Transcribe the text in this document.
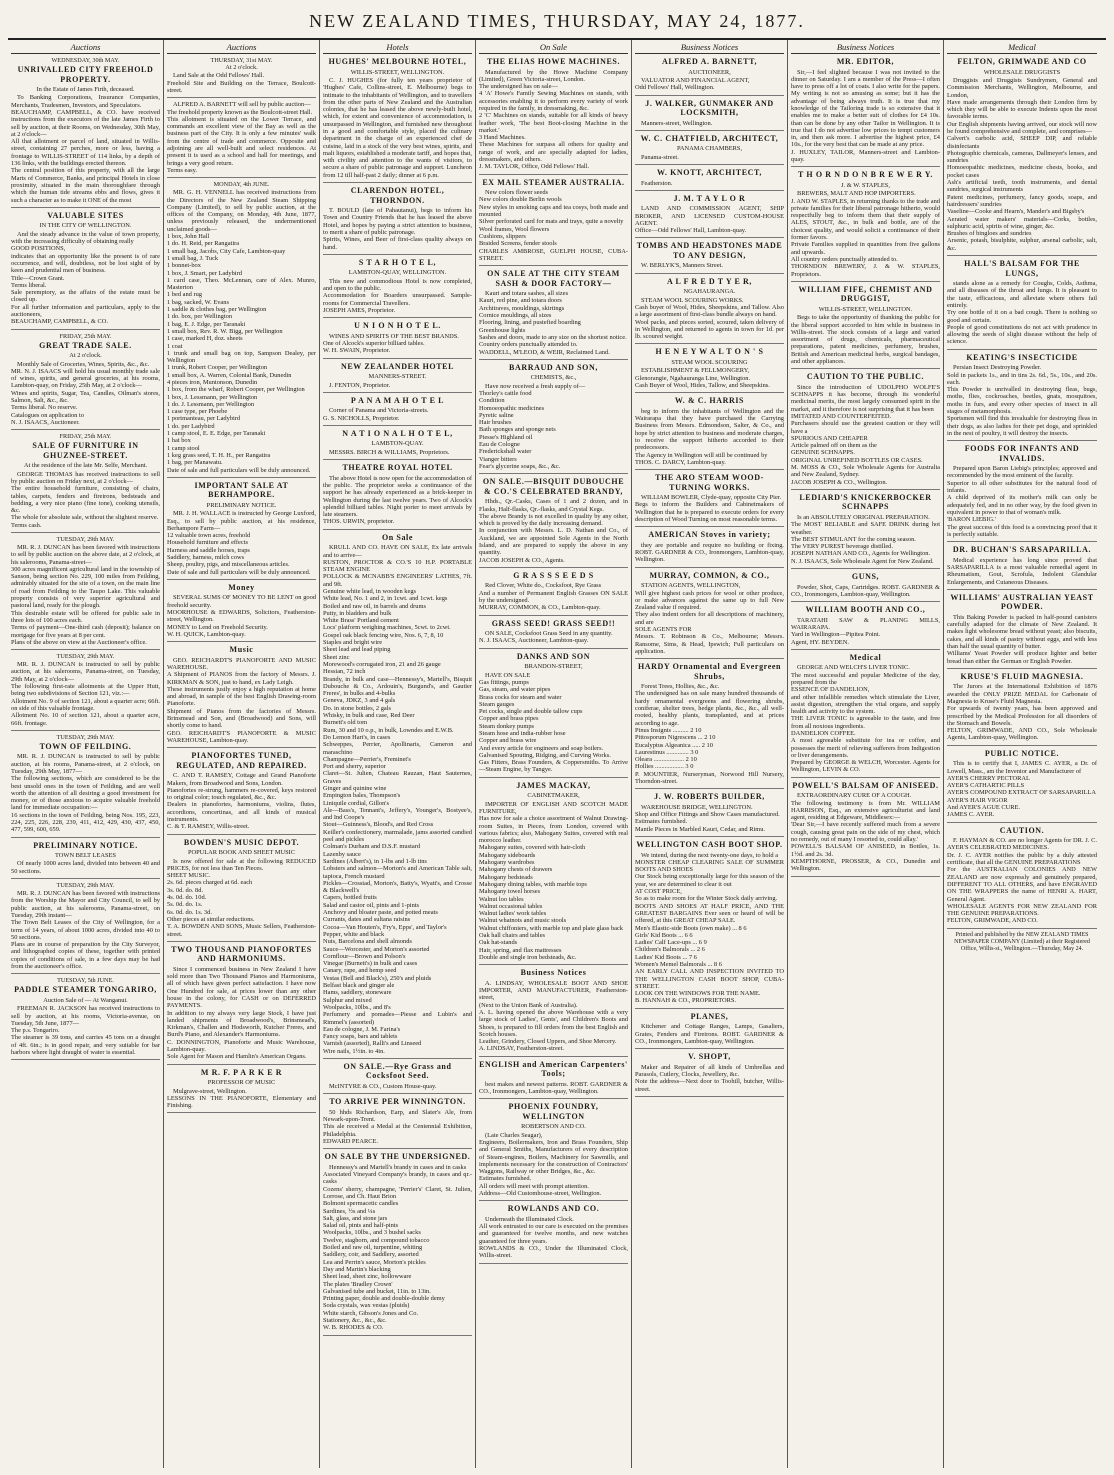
NEW ZEALAND TIMES, THURSDAY, MAY 24, 1877.
Auctions
WEDNESDAY, 30th MAY.
UNRIVALLED CITY FREEHOLD PROPERTY.
In the Estate of James Firth, deceased.
To Banking Corporations, Insurance Companies, Merchants, Tradesmen, Investors, and Speculators.
BEAUCHAMP, CAMPBELL, & CO. have received instructions from the executors of the late James Firth to sell by auction, at their Rooms, on Wednesday, 30th May, at 2 o'clock—
All that allotment or parcel of land, situated in Willis-street, containing 27 perches, more or less, having a frontage to WILLIS-STREET of 114 links, by a depth of 136 links, with the buildings erected thereon.
The central position of this property, with all the large Marts of Commerce, Banks, and principal Hotels in close proximity, situated in the main thoroughfare through which the human tide streams ebbs and flows, gives it such a character as to make it ONE of the most
VALUABLE SITES
IN THE CITY OF WELLINGTON.
And the steady advance in the value of town property, with the increasing difficulty of obtaining really
GOOD POSITIONS,
indicates that an opportunity like the present is of rare occurrence, and will, doubtless, not be lost sight of by keen and prudential men of business.
Title—Crown Grant.
Terms liberal.
Sale peremptory, as the affairs of the estate must be closed up.
For all further information and particulars, apply to the auctioneers,
BEAUCHAMP, CAMPBELL, & CO.
FRIDAY, 25th MAY.
GREAT TRADE SALE.
At 2 o'clock.
Monthly Sale of Groceries, Wines, Spirits, &c., &c.
MR. N. J. ISAACS will hold his usual monthly trade sale of wines, spirits, and general groceries, at his rooms, Lambton-quay, on Friday, 25th May, at 2 o'clock—
Wines and spirits, Sugar, Tea, Candles, Oilman's stores, Salmon, Salt, &c., &c.
Terms liberal. No reserve.
Catalogues on application to
N. J. ISAACS, Auctioneer.
FRIDAY, 25th MAY.
SALE OF FURNITURE IN GHUZNEE-STREET.
At the residence of the late Mr. Selfe, Merchant.
GEORGE THOMAS has received instructions to sell by public auction on Friday next, at 2 o'clock—
The entire household furniture, consisting of chairs, tables, carpets, fenders and fireirons, bedsteads and bedding, a very nice piano (fine tone), cooking utensils, &c.
The whole for absolute sale, without the slightest reserve.
Terms cash.
TUESDAY, 29th MAY.
MR. R. J. DUNCAN has been favored with instructions to sell by public auction on the above date, at 2 o'clock, at his salerooms, Panama-street—
300 acres magnificent agricultural land in the township of Sanson, being section No. 229, 100 miles from Feilding, admirably situated for the site of a town, on the main line of road from Feilding to the Taupo Lake. This valuable property consists of very superior agricultural and pastoral land, ready for the plough.
This desirable estate will be offered for public sale in three lots of 100 acres each.
Terms of payment—One-third cash (deposit); balance on mortgage for five years at 8 per cent.
Plans of the above on view at the Auctioneer's office.
TUESDAY, 29th MAY.
MR. R. J. DUNCAN is instructed to sell by public auction, at his salerooms, Panama-street, on Tuesday, 29th May, at 2 o'clock—
The following first-rate allotments at the Upper Hutt, being two subdivisions of Section 121, viz.:—
Allotment No. 9 of section 121, about a quarter acre; 66ft. on side of this valuable frontage.
Allotment No. 10 of section 121, about a quarter acre, 66ft. frontage.
TUESDAY, 29th MAY.
TOWN OF FEILDING.
MR. R. J. DUNCAN is instructed to sell by public auction, at his rooms, Panama-street, at 2 o'clock, on Tuesday, 29th May, 1877—
The following sections, which are considered to be the best unsold ones in the town of Feilding, and are well worth the attention of all desiring a good investment for money, or of those anxious to acquire valuable freehold land for immediate occupation:—
16 sections in the town of Feilding, being Nos. 195, 223, 224, 225, 226, 228, 239, 411, 412, 429, 430, 437, 450, 477, 599, 600, 659.
PRELIMINARY NOTICE.
TOWN BELT LEASES
Of nearly 1000 acres land, divided into between 40 and 50 sections.
TUESDAY, 29th MAY.
MR. R. J. DUNCAN has been favored with instructions from the Worship the Mayor and City Council, to sell by public auction, at his salerooms, Panama-street, on Tuesday, 29th instant—
The Town Belt Leases of the City of Wellington, for a term of 14 years, of about 1000 acres, divided into 40 to 50 sections.
Plans are in course of preparation by the City Surveyor, and lithographed copies of these, together with printed copies of conditions of sale, in a few days may be had from the auctioneer's office.
TUESDAY, 5th JUNE.
PADDLE STEAMER TONGARIRO,
Auction Sale of — At Wanganui.
FREEMAN R. JACKSON has received instructions to sell by auction, at his rooms, Victoria-avenue, on Tuesday, 5th June, 1877—
The p.s. Tongariro.
The steamer is 39 tons, and carries 45 tons on a draught of 4ft. 6in.; is in good repair, and very suitable for bar harbors where light draught of water is essential.
Auctions
THURSDAY, 31st MAY.
At 2 o'clock.
Land Sale at the Odd Fellows' Hall.
Freehold Site and Building on the Terrace, Boulcott-street.
ALFRED A. BARNETT will sell by public auction—
The freehold property known as the Boulcott-street Hall.
This allotment is situated on the Lower Terrace, and commands an excellent view of the Bay as well as the business part of the City. It is only a few minutes' walk from the centre of trade and commerce. Opposite and adjoining are all well-built and select residences. At present it is used as a school and hall for meetings, and brings a very good return.
Terms easy.
MONDAY, 4th JUNE.
MR. G. H. VENNELL has received instructions from the Directors of the New Zealand Steam Shipping Company (Limited), to sell by public auction, at the offices of the Company, on Monday, 4th June, 1877, unless previously released, the undermentioned unclaimed goods—
1 box, John Hall
1 do. H. Reid, per Rangatira
1 small bag, Jacobs, City Cafe, Lambton-quay
1 small bag, J. Tuck
1 bonnet-box
1 box, J. Smart, per Ladybird
1 card case, Theo. McLennan, care of Alex. Munro, Masterton
1 bed and rug
1 bag, sacked, W. Evans
1 saddle & clothes bag, per Wellington
1 do. box, per Wellington
1 bag, E. J. Edge, per Taranaki
1 small box, Rev. R. W. Bigg, per Wellington
1 case, marked H, doz. sheets
1 coat
1 trunk and small bag on top, Sampson Dealey, per Wellington
1 trunk, Robert Cooper, per Wellington
1 small box, A. Warren, Colonial Bank, Dunedin
4 pieces iron, Muntonson, Dunedin
1 box, from the wharf, Robert Cooper, per Wellington
1 box, J. Lessmann, per Wellington
1 do. J. Lessmann, per Wellington
1 case type, per Phoebe
1 portmanteau, per Ladybird
1 do. per Ladybird
1 camp stool, E. E. Edge, per Taranaki
1 hat box
1 camp stool
1 keg grass seed, T. H. H., per Rangatira
1 bag, per Manawatu.
Date of sale and full particulars will be duly announced.
IMPORTANT SALE AT BERHAMPORE.
PRELIMINARY NOTICE.
MR. J. H. WALLACE is instructed by George Luxford, Esq., to sell by public auction, at his residence, Berhampore Farm—
12 valuable town acres, freehold
Household furniture and effects
Harness and saddle horses, traps
Saddlery, harness, milch cows
Sheep, poultry, pigs, and miscellaneous articles.
Date of sale and full particulars will be duly announced.
Money
SEVERAL SUMS OF MONEY TO BE LENT on good freehold security.
MOORHOUSE & EDWARDS, Solicitors, Featherston-street, Wellington.
MONEY to Lend on Freehold Security.
W. H. QUICK, Lambton-quay.
Music
GEO. REICHARDT'S PIANOFORTE AND MUSIC WAREHOUSE.
A Shipment of PIANOS from the factory of Messrs. J. KIRKMAN & SON, just to hand, ex Lady Leigh.
These instruments justly enjoy a high reputation at home and abroad, in sample of the best English Drawing-room Pianoforte.
Shipment of Pianos from the factories of Messrs. Brinsmead and Son, and (Broadwood) and Sons, will shortly come to hand.
GEO. REICHARDT'S PIANOFORTE & MUSIC WAREHOUSE, Lambton-quay.
PIANOFORTES TUNED, REGULATED, AND REPAIRED.
C. AND T. RAMSEY, Cottage and Grand Pianoforte Makers, from Broadwood and Sons, London.
Pianofortes re-strung, hammers re-covered, keys restored to original color; touch regulated, &c., &c.
Dealers in pianofortes, harmoniums, violins, flutes, accordions, concertinas, and all kinds of musical instruments.
C. & T. RAMSEY, Willis-street.
BOWDEN'S MUSIC DEPOT.
POPULAR BOOK AND SHEET MUSIC
Is now offered for sale at the following REDUCED PRICES, for not less than Ten Pieces.
SHEET MUSIC.
2s. 6d. pieces charged at 6d. each
3s. 0d. do. 8d.
4s. 0d. do. 10d.
5s. 0d. do. 1s.
6s. 0d. do. 1s. 3d.
Other pieces at similar reductions.
T. A. BOWDEN AND SONS, Music Sellers, Featherston-street.
TWO THOUSAND PIANOFORTES AND HARMONIUMS.
Since I commenced business in New Zealand I have sold more than Two Thousand Pianos and Harmoniums, all of which have given perfect satisfaction. I have now One Hundred for sale, at prices lower than any other house in the colony, for CASH or on DEFERRED PAYMENTS.
In addition to my always very large Stock, I have just landed shipments of Broadwood's, Brinsmead's, Kirkman's, Challen and Hodsworth, Kutcher Freres, and Burd's Piano, and Alexander's Harmoniums.
C. DONNINGTON, Pianoforte and Music Warehouse, Lambton-quay.
Sole Agent for Mason and Hamlin's American Organs.
M R. F. P A R K E R
PROFESSOR OF MUSIC
Mulgrave-street, Wellington.
LESSONS IN THE PIANOFORTE, Elementary and Finishing.
Hotels
HUGHES' MELBOURNE HOTEL,
WILLIS-STREET, WELLINGTON.
C. J. HUGHES (for fully ten years proprietor of 'Hughes' Cafe, Collins-street, E. Melbourne) begs to intimate to the inhabitants of Wellington, and to travellers from the other parts of New Zealand and the Australian colonies, that he has leased the above newly-built hotel, which, for extent and convenience of accommodation, is unsurpassed in Wellington, and furnished new throughout in a good and comfortable style, placed the culinary department in the charge of an experienced chef de cuisine, laid in a stock of the very best wines, spirits, and malt liquors, established a moderate tariff, and hopes that, with civility and attention to the wants of visitors, to secure a share of public patronage and support. Luncheon from 12 till half-past 2 daily; dinner at 6 p.m.
CLARENDON HOTEL, THORNDON.
T. BOULD (late of Pahautanui), begs to inform his Town and Country Friends that he has leased the above Hotel, and hopes by paying a strict attention to business, to merit a share of public patronage.
Spirits, Wines, and Beer of first-class quality always on hand.
S T A R H O T E L,
LAMBTON-QUAY, WELLINGTON.
This new and commodious Hotel is now completed, and open to the public.
Accommodation for Boarders unsurpassed. Sample-rooms for Commercial Travellers.
JOSEPH AMES, Proprietor.
U N I O N H O T E L.
WINES AND SPIRITS OF THE BEST BRANDS.
One of Alcock's superior billiard tables.
W. H. SWAIN, Proprietor.
NEW ZEALANDER HOTEL
MANNERS-STREET.
J. FENTON, Proprietor.
P A N A M A H O T E L
Corner of Panama and Victoria-streets.
G. S. NICHOLLS, Proprietor.
N A T I O N A L H O T E L,
LAMBTON-QUAY.
MESSRS. BIRCH & WILLIAMS, Proprietors.
THEATRE ROYAL HOTEL
The above Hotel is now open for the accommodation of the public. The proprietor seeks a continuance of the support he has already experienced as a brick-keeper in Wellington during the last twelve years. Two of Alcock's splendid billiard tables. Night porter to meet arrivals by late steamers.
THOS. URWIN, proprietor.
On Sale
KRULL AND CO. HAVE ON SALE, Ex late arrivals and to arrive—
RUSTON, PROCTOR & CO.'S 10 H.P. PORTABLE STEAM ENGINE
POLLOCK & MCNABB'S ENGINEERS' LATHES, 7ft. and 9ft.
Genuine white lead, in wooden kegs
White lead, No. 1 and 2, in 1cwt. and 1cwt. kegs
Boiled and raw oil, in barrels and drums
Putty, in bladders and bulk
White Brass' Portland cement
Locs' platform weighing machines, 5cwt. to 2cwt.
Gospel oak black fencing wire, Nos. 6, 7, 8, 10
Staples and bright wire
Sheet lead and lead piping
Sheet zinc
Morewood's corrugated iron, 21 and 26 gauge
Hessian, 72 inch
Brandy, in bulk and case—Hennessy's, Martell's, Bisquit Dubouche & Co., Ardouin's, Burgund's, and Gautier Freres', in bulks and 4-bulks
Geneva, JDKZ, 3 and 4 gals
Do. in stone bottles, 2 gals
Whisky, in bulk and case, Red Deer
Burnett's old tom
Rum, 30 and 10 o.p., in bulk, Lowndes and E.W.B.
Do Lemon Hart's, in cases
Schweppes, Perrier, Apollinaris, Cameron and maraschino
Champagne—Perrier's, Freminet's
Port and sherry, superior
Claret—St. Julien, Chateau Rauzan, Haut Sauternes, Graves
Ginger and quinine wine
Empington bales, Thompson's
Liniquile cordial, Gillon's
Ale—Bass's, Tennant's, Jeffery's, Younger's, Bostyee's, and Ind Coope's
Stout—Guinness's, Blood's, and Red Cross
Keiller's confectionery, marmalade, jams assorted candied peel and pickles
Colman's Durham and D.S.F. mustard
Lazenby sauce
Sardines (Albert's), in 1-lbs and 1-lb tins
Lobsters and salmon—Morton's and American Table salt, tapioca, French mustard
Pickles—Crosstad, Morton's, Batty's, Wyatt's, and Crosse & Blackwell's
Capers, bottled fruits
Salad and castor oil, pints and 1-pints
Anchovy and bloater paste, and potted meats
Currants, dates and sultana raisins
Cocoa—Van Houten's, Fry's, Epps', and Taylor's
Pepper, white and black
Nuts, Barcelona and shell almonds
Sauce—Worcester, and Morton's assorted
Cornflour—Brown and Polson's
Vinegar (Burnett's) in bulk and cases
Canary, rape, and hemp seed
Vestas (Bell and Black's), 250's and pluids
Belfast black and ginger ale
Hams, saddlery, stoneware
Sulphur and mixed
Woolpacks, 10lbs., and 8's
Perfumery and pomades—Piesse and Lubin's and Rimmel's (assorted)
Eau de cologne, J. M. Farina's
Fancy soaps, bars and tablets
Varnish (assorted), Ralli's and Linseed
Wire nails, 1½in. to 4in.
ON SALE.—Rye Grass and Cocksfoot Seed.
McINTYRE & CO., Custom House-quay.
TO ARRIVE PER WINNINGTON.
50 hhds Richardson, Earp, and Slater's Ale, from Newark-upon-Trent.
This ale received a Medal at the Centennial Exhibition, Philadelphia.
EDWARD PEARCE.
ON SALE BY THE UNDERSIGNED.
Hennessy's and Martell's brandy in cases and in casks
Associated Vineyard Company's brandy, in cases and qr.-casks
Cozens' sherry, champagne, 'Perrier's' Claret, St. Julien, Lorrose, and Ch. Haut Brion
Bolmont spermacetic candles
Sardines, ½s and ¼s
Salt, glass, and stone jars
Salad oil, pints and half-pints
Woolpacks, 10lbs., and 3 bushel sacks
Twelve, staghorn, and compound tobacco
Boiled and raw oil, turpentine, whiting
Saddlery, coir, and Saddlery, assorted
Lea and Perrin's sauce, Morton's pickles
Day and Martin's blacking
Sheet lead, sheet zinc, hollowware
The plates 'Bradley Crown'
Galvanised tube and bucket, 11in. to 13in.
Printing paper, double and double-double demy
Soda crystals, wax vestas (pluids)
White starch, Gibson's Jones and Co.
Stationery, &c., &c., &c.
W. B. RHODES & CO.
On Sale
THE ELIAS HOWE MACHINES.
Manufactured by the Howe Machine Company (Limited), Green Victoria-street, London.
The undersigned has on sale—
4 'A' Howe's Family Sewing Machines on stands, with accessories enabling it to perform every variety of work required in the family, in dressmaking, &c.
2 'C' Machines on stands, suitable for all kinds of heavy leather work, 'The best Boot-closing Machine in the market.'
3 Hand Machines.
These Machines for surpass all others for quality and range of work, and are specially adapted for ladies, dressmakers, and others.
J. M. TAYLOR, Office, Odd Fellows' Hall.
EX MAIL STEAMER AUSTRALIA.
New colors flower seeds
New colors double Berlin wools
New styles in smoking caps and tea cosys, both made and mounted
Silver perforated card for mats and trays, quite a novelty
Wool frames, Wool flowers
Cushions, slippers
Braided Screens, fender stools
CHARLES AMBROSE, GUELPH HOUSE, CUBA-STREET.
ON SALE AT THE CITY STEAM SASH & DOOR FACTORY—
Kauri and totara sashes, all sizes
Kauri, red pine, and totara doors
Architraves, mouldings, skirtings
Cornice mouldings, all sizes
Flooring, lining, and pustefied boarding
Greenhouse lights
Sashes and doors, made to any size on the shortest notice.
Country orders punctually attended to.
WADDELL, M'LEOD, & WEIR, Reclaimed Land.
BARRAUD AND SON,
CHEMISTS, &c.,
Have now received a fresh supply of—
Thorley's cattle food
Condition
Homoeopathic medicines
Pyretic saline
Hair brushes
Bath sponges and sponge nets
Piesse's Highland oil
Eau de Cologne
Frederickshall water
Vianger bitters
Fear's glycerine soaps, &c., &c.
ON SALE.—BISQUIT DUBOUCHE & CO.'S CELEBRATED BRANDY,
Hhds., Qr.-Casks, Cases of 1 and 2 dozen, and in Flasks, Half-flasks, Qr.-flasks, and Crystal Kegs.
The above Brandy is not excelled in quality by any other, which is proved by the daily increasing demand.
In conjunction with Messrs. L. D. Nathan and Co., of Auckland, we are appointed Sole Agents in the North Island, and are prepared to supply the above in any quantity.
JACOB JOSEPH & CO., Agents.
G R A S S S E E D S
Red Clover, White do., Cocksfoot, Rye Grass
And a number of Permanent English Grasses ON SALE by the undersigned.
MURRAY, COMMON, & CO., Lambton-quay.
GRASS SEED! GRASS SEED!!
ON SALE, Cocksfoot Grass Seed in any quantity.
N. J. ISAACS, Auctioneer, Lambton-quay.
DANKS AND SON
BRANDON-STREET,
HAVE ON SALE
Gas fittings, pumps
Gas, steam, and water pipes
Brass cocks for steam and water
Steam gauges
Pet cocks, single and double tallow cups
Copper and brass pipes
Steam donkey pumps
Steam hose and india-rubber hose
Copper and brass wire
And every article for engineers and soap boilers.
Galvanised Spouting, Ridging, and Curving Works.
Gas Fitters, Brass Founders, & Coppersmiths. To Arrive—Steam Engine, by Tangye.
JAMES MACKAY,
CABINETMAKER,
IMPORTER OF ENGLISH AND SCOTCH MADE FURNITURE,
Has now for sale a choice assortment of Walnut Drawing-room Suites, in Pieces, from London, covered with various fabrics; also, Mahogany Suites, covered with real morocco leather.
Mahogany suites, covered with hair-cloth
Mahogany sideboards
Mahogany wardrobes
Mahogany chests of drawers
Mahogany bedsteads
Mahogany dining tables, with marble tops
Mahogany towel horses
Walnut loo tables
Walnut occasional tables
Walnut ladies' work tables
Walnut whatnots and music stools
Walnut chiffoniers, with marble top and plate glass back
Oak hall chairs and tables
Oak hat-stands
Hair, spring, and flax mattresses
Double and single iron bedsteads, &c.
Business Notices
A. LINDSAY, WHOLESALE BOOT AND SHOE IMPORTER, AND MANUFACTURER, Featherston-street,
(Next to the Union Bank of Australia).
A. L. having opened the above Warehouse with a very large stock of Ladies', Gents', and Children's Boots and Shoes, is prepared to fill orders from the best English and Scotch houses.
Leather, Grindery, Closed Uppers, and Shoe Mercery.
A. LINDSAY, Featherston-street.
ENGLISH and American Carpenters' Tools;
best makes and newest patterns. ROBT. GARDNER & CO., Ironmongers, Lambton-quay, Wellington.
PHOENIX FOUNDRY, WELLINGTON
ROBERTSON AND CO.
(Late Charles Seagar),
Engineers, Boilermakers, Iron and Brass Founders, Ship and General Smiths, Manufacturers of every description of Steam-engines, Boilers, Machinery for Sawmills, and implements necessary for the construction of Contractors' Waggons, Railway or other Bridges, &c., &c.
Estimates furnished.
All orders will meet with prompt attention.
Address—Old Customhouse-street, Wellington.
ROWLANDS AND CO.
Underneath the Illuminated Clock.
All work entrusted to our care is executed on the premises and guaranteed for twelve months, and new watches guaranteed for three years.
ROWLANDS & CO., Under the Illuminated Clock, Willis-street.
Business Notices
ALFRED A. BARNETT,
AUCTIONEER,
VALUATOR AND FINANCIAL AGENT,
Odd Fellows' Hall, Wellington.
J. WALKER, GUNMAKER AND LOCKSMITH,
Manners-street, Wellington.
W. C. CHATFIELD, ARCHITECT,
PANAMA CHAMBERS,
Panama-street.
W. KNOTT, ARCHITECT,
Featherston.
J. M. T A Y L O R
LAND AND COMMISSION AGENT, SHIP BROKER, AND LICENSED CUSTOM-HOUSE AGENT.
Office—Odd Fellows' Hall, Lambton-quay.
TOMBS AND HEADSTONES MADE TO ANY DESIGN,
W. BERLYK'S, Manners Street.
A L F R E D T Y E R,
NGAHAURANGA.
STEAM WOOL SCOURING WORKS.
Cash buyer of Wool, Hides, Sheepskins, and Tallow. Also a large assortment of first-class bundle always on hand.
Wool packs, and pieces sorted, scoured, taken delivery of in Wellington, and returned to agents in town for 1d. per lb. scoured weight.
H E N E Y W A L T O N ' S
STEAM WOOL SCOURING
ESTABLISHMENT & FELLMONGERY,
Glenorangie, Ngahauranga Line, Wellington.
Cash Buyer of Wool, Hides, Tallow, and Sheepskins.
W. & C. HARRIS
beg to inform the inhabitants of Wellington and the Wairarapa that they have purchased the Carrying Business from Messrs. Edmondson, Salter, & Co., and hope by strict attention to business and moderate charges, to receive the support hitherto accorded to their predecessors.
The Agency in Wellington will still be continued by
THOS. C. DARCY, Lambton-quay.
THE ARO STEAM WOOD-TURNING WORKS.
WILLIAM BOWLER, Clyde-quay, opposite City Pier.
Begs to inform the Builders and Cabinetmakers of Wellington that he is prepared to execute orders for every description of Wood Turning on most reasonable terms.
AMERICAN Stoves in variety;
they are portable and require no building or fixing. ROBT. GARDNER & CO., Ironmongers, Lambton-quay, Wellington.
MURRAY, COMMON, & CO.,
STATION AGENTS, WELLINGTON,
Will give highest cash prices for wool or other produce, or make advances against the same up to full New Zealand value if required.
They also indent orders for all descriptions of machinery, and are
SOLE AGENTS FOR
Messrs. T. Robinson & Co., Melbourne; Messrs. Ransome, Sims, & Head, Ipswich; Full particulars on application.
HARDY Ornamental and Evergreen Shrubs,
Forest Trees, Hollies, &c., &c.
The undersigned has on sale many hundred thousands of hardy ornamental evergreens and flowering shrubs, coniferae, shelter trees, hedge plants, &c., &c., all well-rooted, healthy plants, transplanted, and at prices according to age.
Pinus Insignis .......... 2 10
Pittosporum Nigrescens ... 2 10
Eucalyptus Algeanica ..... 2 10
Laurestinus .............. 3 0
Oleara ................... 2 10
Hollies .................. 3 0
P. MOUNTIER, Nurseryman, Norwood Hill Nursery, Thorndon-street.
J. W. ROBERTS BUILDER,
WAREHOUSE BRIDGE, WELLINGTON.
Shop and Office Fittings and Show Cases manufactured.
Estimates furnished.
Mantle Pieces in Marbled Kauri, Cedar, and Rimu.
WELLINGTON CASH BOOT SHOP.
We intend, during the next twenty-one days, to hold a
MONSTER CHEAP CLEARING SALE OF SUMMER BOOTS AND SHOES
Our Stock being exceptionally large for this season of the year, we are determined to clear it out
AT COST PRICE,
So as to make room for the Winter Stock daily arriving.
BOOTS AND SHOES AT HALF PRICE, AND THE GREATEST BARGAINS Ever seen or heard of will be offered, at this GREAT CHEAP SALE.
Men's Elastic-side Boots (own make) ... 8 6
Girls' Kid Boots ... 6 6
Ladies' Calf Lace-ups ... 6 9
Children's Balmorals ... 2 6
Ladies' Kid Boots ... 7 6
Women's Memel Balmorals ... 8 6
AN EARLY CALL AND INSPECTION INVITED TO THE WELLINGTON CASH BOOT SHOP, CUBA-STREET.
LOOK ON THE WINDOWS FOR THE NAME.
B. HANNAH & CO., PROPRIETORS.
PLANES,
Kitchener and Cottage Ranges, Lamps, Gasaliers, Grates, Fenders and Fireirons. ROBT. GARDNER & CO., Ironmongers, Lambton-quay, Wellington.
V. SHOPT,
Maker and Repairer of all kinds of Umbrellas and Parasols, Cutlery, Clocks, Jewellery, &c.
Note the address—Next door to Toohill, butcher, Willis-street.
Business Notices
MR. EDITOR,
Sir,—I feel slighted because I was not invited to the dinner on Saturday. I am a member of the Press—I often have to press off a lot of coats. I also write for the papers. My writing is not so amusing as some; but it has the advantage of being always truth. It is true that my knowledge of the Tailoring trade is so extensive that it enables me to make a better suit of clothes for £4 10s. than can be done by any other Tailor in Wellington. It is true that I do not advertise low prices to tempt customers in, and then ask more. I advertise the highest price, £4 10s., for the very best that can be made at any price.
J. HUXLEY, TAILOR, Manners-street and Lambton-quay.
T H O R N D O N B R E W E R Y.
J. & W. STAPLES,
BREWERS, MALT AND HOP IMPORTERS.
J. AND W. STAPLES, in returning thanks to the trade and private families for their liberal patronage hitherto, would respectfully beg to inform them that their supply of ALES, STOUT, &c., in bulk and bottle, are of the choicest quality, and would solicit a continuance of their former favors.
Private Families supplied in quantities from five gallons and upwards.
All country orders punctually attended to.
THORNDON BREWERY, J. & W. STAPLES, Proprietors.
WILLIAM FIFE, CHEMIST AND DRUGGIST,
WILLIS-STREET, WELLINGTON.
Begs to take the opportunity of thanking the public for the liberal support accorded to him while in business in Willis-street. The stock consists of a large and varied assortment of drugs, chemicals, pharmaceutical preparations, patent medicines, perfumery, brushes, British and American medicinal herbs, surgical bandages, and other appliances.
CAUTION TO THE PUBLIC.
Since the introduction of UDOLPHO WOLFE'S SCHNAPPS it has become, through its wonderful medicinal merits, the most largely consumed spirit in the market, and it therefore is not surprising that it has been
IMITATED AND COUNTERFEITED.
Purchasers should use the greatest caution or they will have a
SPURIOUS AND CHEAPER
Article palmed off on them as the
GENUINE SCHNAPPS.
ORIGINAL UNREFINED BOTTLES OR CASES.
M. MOSS & CO., Sole Wholesale Agents for Australia and New Zealand, Sydney.
JACOB JOSEPH & CO., Wellington.
LEDIARD'S KNICKERBOCKER SCHNAPPS
Is an ABSOLUTELY ORIGINAL PREPARATION.
The MOST RELIABLE and SAFE DRINK during hot weather.
The BEST STIMULANT for the coming season.
The VERY PUREST beverage distilled.
JOSEPH NATHAN AND CO., Agents for Wellington.
N. J. ISAACS, Sole Wholesale Agent for New Zealand.
GUNS,
Powder, Shot, Caps, Cartridges. ROBT. GARDNER & CO., Ironmongers, Lambton-quay, Wellington.
WILLIAM BOOTH AND CO.,
TARATAHI SAW & PLANING MILLS, WAIRARAPA.
Yard in Wellington—Pipitea Point.
Agent, HY. BEYDEN.
Medical
GEORGE AND WELCH'S LIVER TONIC.
The most successful and popular Medicine of the day, prepared from the
ESSENCE OF DANDELION,
and other infallible remedies which stimulate the Liver, assist digestion, strengthen the vital organs, and supply health and activity to the system.
THE LIVER TONIC is agreeable to the taste, and free from all noxious ingredients.
DANDELION COFFEE.
A most agreeable substitute for tea or coffee, and possesses the merit of relieving sufferers from Indigestion or liver derangements.
Prepared by GEORGE & WELCH, Worcester. Agents for Wellington, LEVIN & CO.
POWELL'S BALSAM OF ANISEED.
EXTRAORDINARY CURE OF A COUGH.
The following testimony is from Mr. WILLIAM HARRISON, Esq., an extensive agriculturist and land agent, residing at Edgeware, Middlesex:—
'Dear Sir,—I have recently suffered much from a severe cough, causing great pain on the side of my chest, which no remedy, out of many I resorted to, could allay.'
POWELL'S BALSAM OF ANISEED, in Bottles, 1s. 1½d. and 2s. 3d.
KEMPTHORNE, PROSSER, & CO., Dunedin and Wellington.
Medical
FELTON, GRIMWADE AND CO
WHOLESALE DRUGGISTS
Druggists and Druggists Sundrymen, General and Commission Merchants, Wellington, Melbourne, and London,
Have made arrangements through their London firm by which they will be able to execute Indents upon the most favorable terms.
Our English shipments having arrived, our stock will now be found comprehensive and complete, and comprises—
Calvert's carbolic acid, SHEEP DIP, and reliable disinfectants
Photographic chemicals, cameras, Dallmeyer's lenses, and sundries
Homoeopathic medicines, medicine chests, books, and pocket cases
Ash's artificial teeth, tooth instruments, and dental sundries, surgical instruments
Patent medicines, perfumery, fancy goods, soaps, and hairdressers' sundries
Vaseline—Cooke and Hearn's, Mander's and Bigsby's
Aerated water makers' materials—Corks, bottles, sulphuric acid, spirits of wine, ginger, &c.
Brushes of bingloes and sundries
Arsenic, potash, bisulphite, sulphur, arsenal carbolic, salt, &c.
HALL'S BALSAM FOR THE LUNGS,
stands alone as a remedy for Coughs, Colds, Asthma, and all diseases of the throat and lungs. It is pleasant to the taste, efficacious, and alleviate where others fail entirely.
Try one bottle of it on a bad cough. There is nothing so good and certain.
People of good constitutions do not act with prudence in allowing the seeds of slight disease without the help of science.
KEATING'S INSECTICIDE
Persian Insect Destroying Powder.
Sold in packets 1s., and in tins 2s. 6d., 5s., 10s., and 20s. each.
This Powder is unrivalled in destroying fleas, bugs, moths, flies, cockroaches, beetles, gnats, mosquitoes, moths in furs, and every other species of insect in all stages of metamorphosis.
Sportsmen will find this invaluable for destroying fleas in their dogs, as also ladies for their pet dogs, and sprinkled in the nest of poultry, it will destroy the insects.
FOODS FOR INFANTS AND INVALIDS.
Prepared upon Baron Liebig's principles; approved and recommended by the most eminent of the faculty.
Superior to all other substitutes for the natural food of infants.
A child deprived of its mother's milk can only be adequately fed, and in no other way, by the food given in equivalent in power to that of woman's milk.
'BARON LIEBIG.'
The great success of this food is a convincing proof that it is perfectly suitable.
DR. BUCHAN'S SARSAPARILLA.
Medical experience has long since proved that SARSAPARILLA is a most valuable remedial agent in Rheumatism, Gout, Scrofula, Indolent Glandular Enlargements, and Cutaneous Diseases.
WILLIAMS' AUSTRALIAN YEAST POWDER.
This Baking Powder is packed in half-pound canisters carefully adapted for the climate of New Zealand. It makes light wholesome bread without yeast; also biscuits, cakes, and all kinds of pastry without eggs, and with less than half the usual quantity of butter.
Williams' Yeast Powder will produce lighter and better bread than either the German or English Powder.
KRUSE'S FLUID MAGNESIA.
The Jurors at the International Exhibition of 1876 awarded the ONLY PRIZE MEDAL for Carbonate of Magnesia to Kruse's Fluid Magnesia.
For upwards of twenty years, has been approved and prescribed by the Medical Profession for all disorders of the Stomach and Bowels.
FELTON, GRIMWADE, AND CO., Sole Wholesale Agents, Lambton-quay, Wellington.
PUBLIC NOTICE.
This is to certify that I, JAMES C. AYER, a Dr. of Lowell, Mass., am the Inventor and Manufacturer of
AYER'S CHERRY PECTORAL
AYER'S CATHARTIC PILLS
AYER'S COMPOUND EXTRACT OF SARSAPARILLA
AYER'S HAIR VIGOR
And AYER'S AGUE CURE.
JAMES C. AYER.
CAUTION.
F. HAYMAN & CO. are no longer Agents for DR. J. C. AYER'S CELEBRATED MEDICINES.
Dr. J. C. AYER notifies the public by a duly attested certificate, that all the GENUINE PREPARATIONS
For the AUSTRALIAN COLONIES AND NEW ZEALAND are now expressly and genuinely prepared, DIFFERENT TO ALL OTHERS, and have ENGRAVED ON THE WRAPPERS the name of HENRI A. HART, General Agent.
WHOLESALE AGENTS FOR NEW ZEALAND FOR THE GENUINE PREPARATIONS.
FELTON, GRIMWADE, AND CO.
Printed and published by the NEW ZEALAND TIMES NEWSPAPER COMPANY (Limited) at their Registered Office, Willis-st., Wellington.—Thursday, May 24.
